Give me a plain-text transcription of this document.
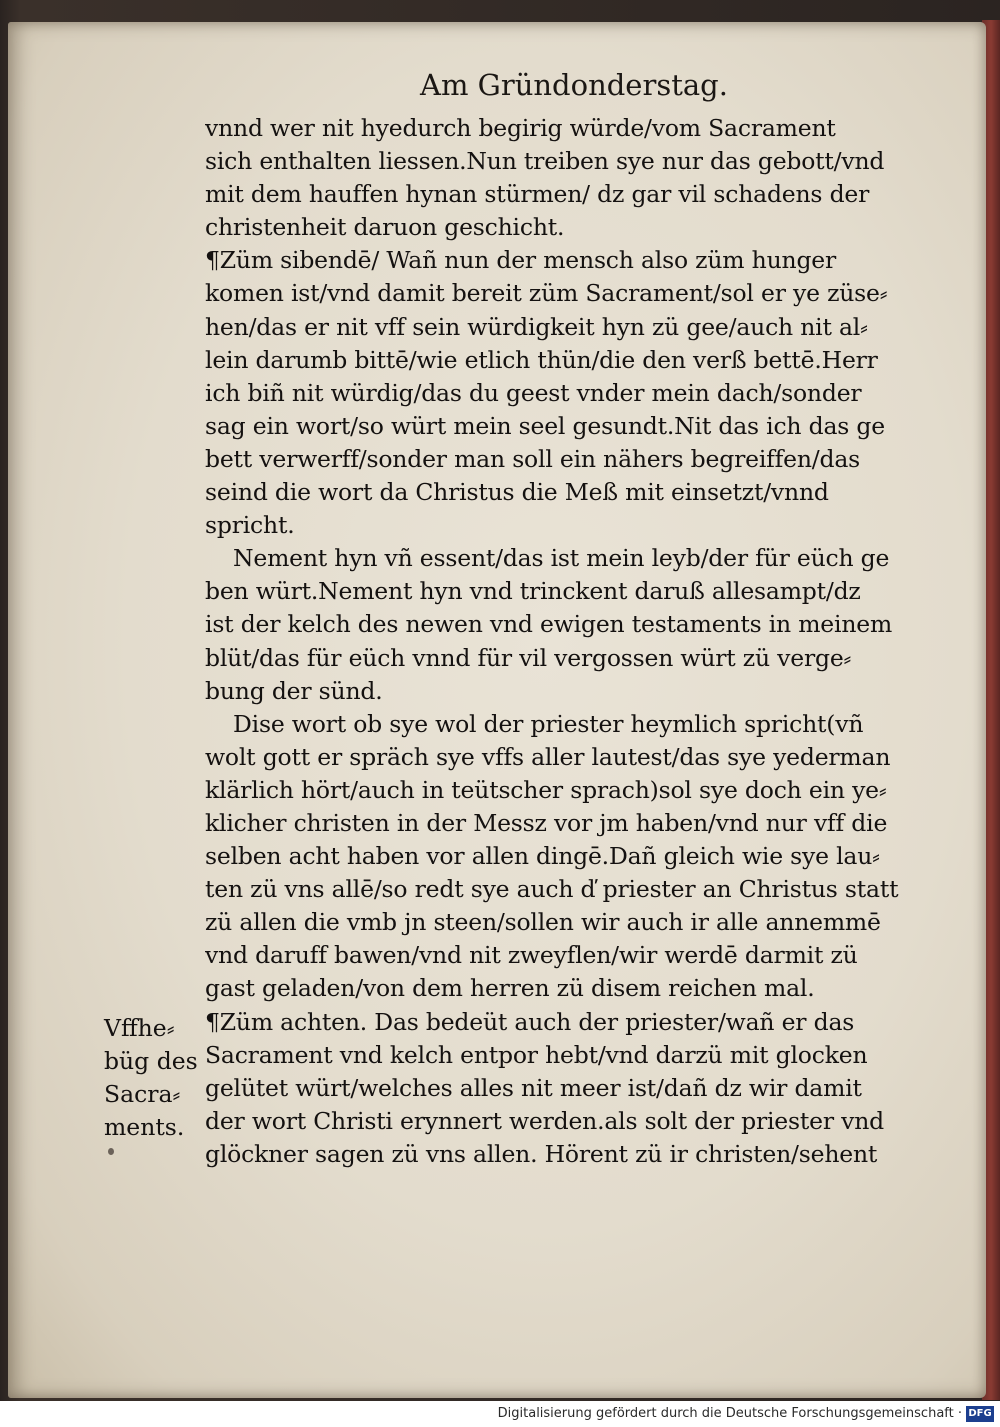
Am Gründonderstag.
vnnd wer nit hyedurch begirig würde/vom Sacrament
sich enthalten liessen.Nun treiben sye nur das gebott/vnd
mit dem hauffen hynan stürmen/ dz gar vil schadens der
christenheit daruon geschicht.
¶Züm sibendē/ Wañ nun der mensch also züm hunger
komen ist/vnd damit bereit züm Sacrament/sol er ye züse⸗
hen/das er nit vff sein würdigkeit hyn zü gee/auch nit al⸗
lein darumb bittē/wie etlich thün/die den verß bettē.Herr
ich biñ nit würdig/das du geest vnder mein dach/sonder
sag ein wort/so würt mein seel gesundt.Nit das ich das ge
bett verwerff/sonder man soll ein nähers begreiffen/das
seind die wort da Christus die Meß mit einsetzt/vnnd
spricht.
Nement hyn vñ essent/das ist mein leyb/der für eüch ge
ben würt.Nement hyn vnd trinckent daruß allesampt/dz
ist der kelch des newen vnd ewigen testaments in meinem
blüt/das für eüch vnnd für vil vergossen würt zü verge⸗
bung der sünd.
Dise wort ob sye wol der priester heymlich spricht(vñ
wolt gott er spräch sye vffs aller lautest/das sye yederman
klärlich hört/auch in teütscher sprach)sol sye doch ein ye⸗
klicher christen in der Messz vor jm haben/vnd nur vff die
selben acht haben vor allen dingē.Dañ gleich wie sye lau⸗
ten zü vns allē/so redt sye auch ď priester an Christus statt
zü allen die vmb jn steen/sollen wir auch ir alle annemmē
vnd daruff bawen/vnd nit zweyflen/wir werdē darmit zü
gast geladen/von dem herren zü disem reichen mal.
¶Züm achten. Das bedeüt auch der priester/wañ er das
Sacrament vnd kelch entpor hebt/vnd darzü mit glocken
gelütet würt/welches alles nit meer ist/dañ dz wir damit
der wort Christi erynnert werden.als solt der priester vnd
glöckner sagen zü vns allen. Hörent zü ir christen/sehent
Vffhe⸗
büg des
Sacra⸗
ments.
Digitalisierung gefördert durch die Deutsche Forschungsgemeinschaft · DFG
